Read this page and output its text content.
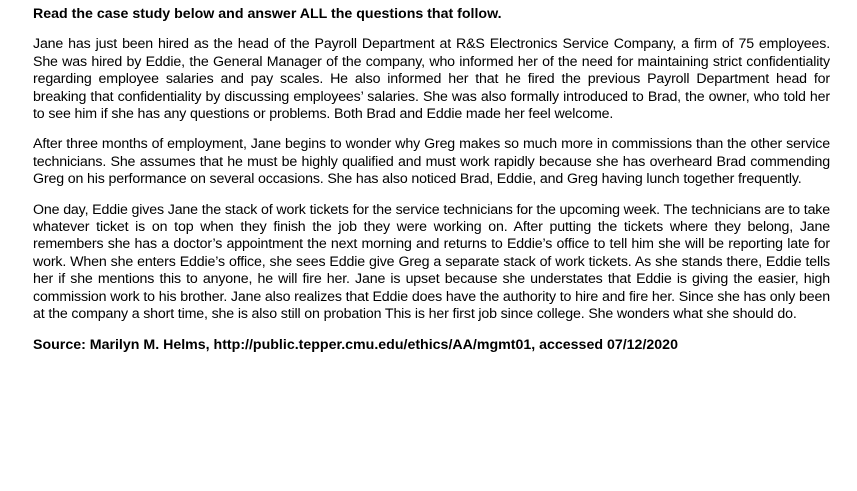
Read the case study below and answer ALL the questions that follow.

Jane has just been hired as the head of the Payroll Department at R&S Electronics Service Company, a firm of 75 employees. She was hired by Eddie, the General Manager of the company, who informed her of the need for maintaining strict confidentiality regarding employee salaries and pay scales. He also informed her that he fired the previous Payroll Department head for breaking that confidentiality by discussing employees’ salaries. She was also formally introduced to Brad, the owner, who told her to see him if she has any questions or problems. Both Brad and Eddie made her feel welcome.

After three months of employment, Jane begins to wonder why Greg makes so much more in commissions than the other service technicians. She assumes that he must be highly qualified and must work rapidly because she has overheard Brad commending Greg on his performance on several occasions. She has also noticed Brad, Eddie, and Greg having lunch together frequently.

One day, Eddie gives Jane the stack of work tickets for the service technicians for the upcoming week. The technicians are to take whatever ticket is on top when they finish the job they were working on. After putting the tickets where they belong, Jane remembers she has a doctor’s appointment the next morning and returns to Eddie’s office to tell him she will be reporting late for work. When she enters Eddie’s office, she sees Eddie give Greg a separate stack of work tickets. As she stands there, Eddie tells her if she mentions this to anyone, he will fire her. Jane is upset because she understates that Eddie is giving the easier, high commission work to his brother. Jane also realizes that Eddie does have the authority to hire and fire her. Since she has only been at the company a short time, she is also still on probation This is her first job since college. She wonders what she should do.

Source: Marilyn M. Helms, http://public.tepper.cmu.edu/ethics/AA/mgmt01, accessed 07/12/2020
